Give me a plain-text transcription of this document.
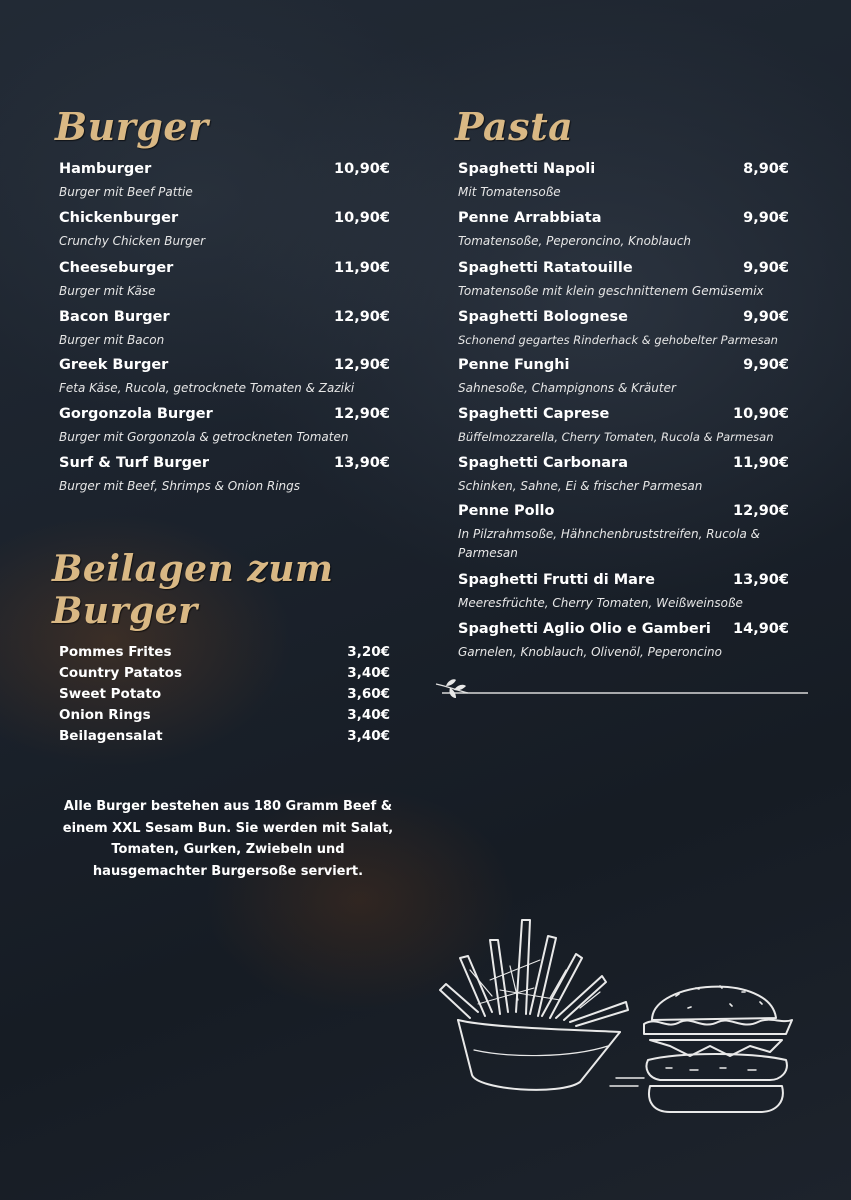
Burger
Hamburger	10,90€
Burger mit Beef Pattie
Chickenburger	10,90€
Crunchy Chicken Burger
Cheeseburger	11,90€
Burger mit Käse
Bacon Burger	12,90€
Burger mit Bacon
Greek Burger	12,90€
Feta Käse, Rucola, getrocknete Tomaten & Zaziki
Gorgonzola Burger	12,90€
Burger mit Gorgonzola & getrockneten Tomaten
Surf & Turf Burger	13,90€
Burger mit Beef, Shrimps & Onion Rings
Beilagen zum
Burger
Pommes Frites	3,20€
Country Patatos	3,40€
Sweet Potato	3,60€
Onion Rings	3,40€
Beilagensalat	3,40€
Alle Burger bestehen aus 180 Gramm Beef &
einem XXL Sesam Bun. Sie werden mit Salat,
Tomaten, Gurken, Zwiebeln und
hausgemachter Burgersoße serviert.
Pasta
Spaghetti Napoli	8,90€
Mit Tomatensoße
Penne Arrabbiata	9,90€
Tomatensoße, Peperoncino, Knoblauch
Spaghetti Ratatouille	9,90€
Tomatensoße mit klein geschnittenem Gemüsemix
Spaghetti Bolognese	9,90€
Schonend gegartes Rinderhack & gehobelter Parmesan
Penne Funghi	9,90€
Sahnesoße, Champignons & Kräuter
Spaghetti Caprese	10,90€
Büffelmozzarella, Cherry Tomaten, Rucola & Parmesan
Spaghetti Carbonara	11,90€
Schinken, Sahne, Ei & frischer Parmesan
Penne Pollo	12,90€
In Pilzrahmsoße, Hähnchenbruststreifen, Rucola & Parmesan
Spaghetti Frutti di Mare	13,90€
Meeresfrüchte, Cherry Tomaten, Weißweinsoße
Spaghetti Aglio Olio e Gamberi 14,90€
Garnelen, Knoblauch, Olivenöl, Peperoncino
